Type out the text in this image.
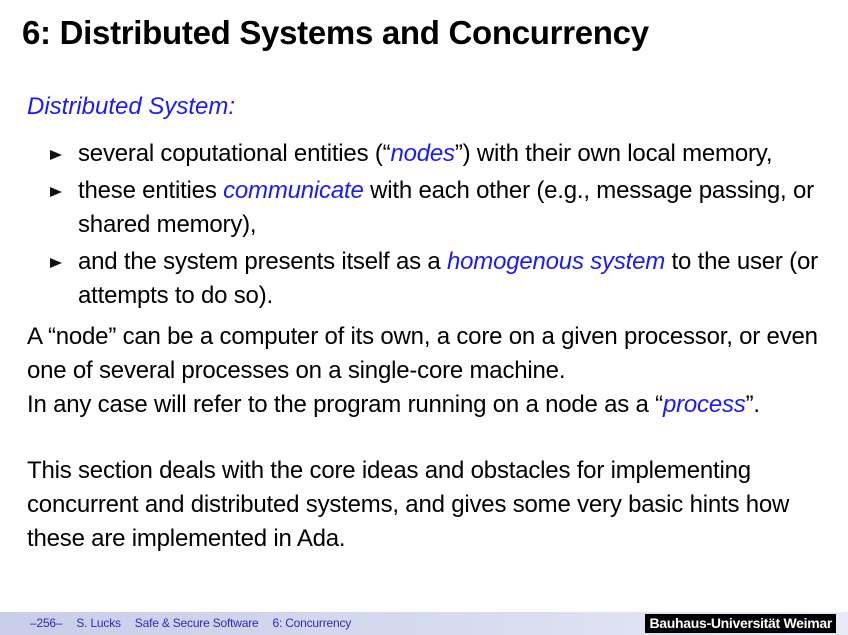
6: Distributed Systems and Concurrency
Distributed System:
several coputational entities (“nodes”) with their own local memory,
these entities communicate with each other (e.g., message passing, or shared memory),
and the system presents itself as a homogenous system to the user (or attempts to do so).
A “node” can be a computer of its own, a core on a given processor, or even one of several processes on a single-core machine.
In any case will refer to the program running on a node as a “process”.
This section deals with the core ideas and obstacles for implementing concurrent and distributed systems, and gives some very basic hints how these are implemented in Ada.
–256– S. Lucks Safe & Secure Software 6: Concurrency	Bauhaus-Universität Weimar
